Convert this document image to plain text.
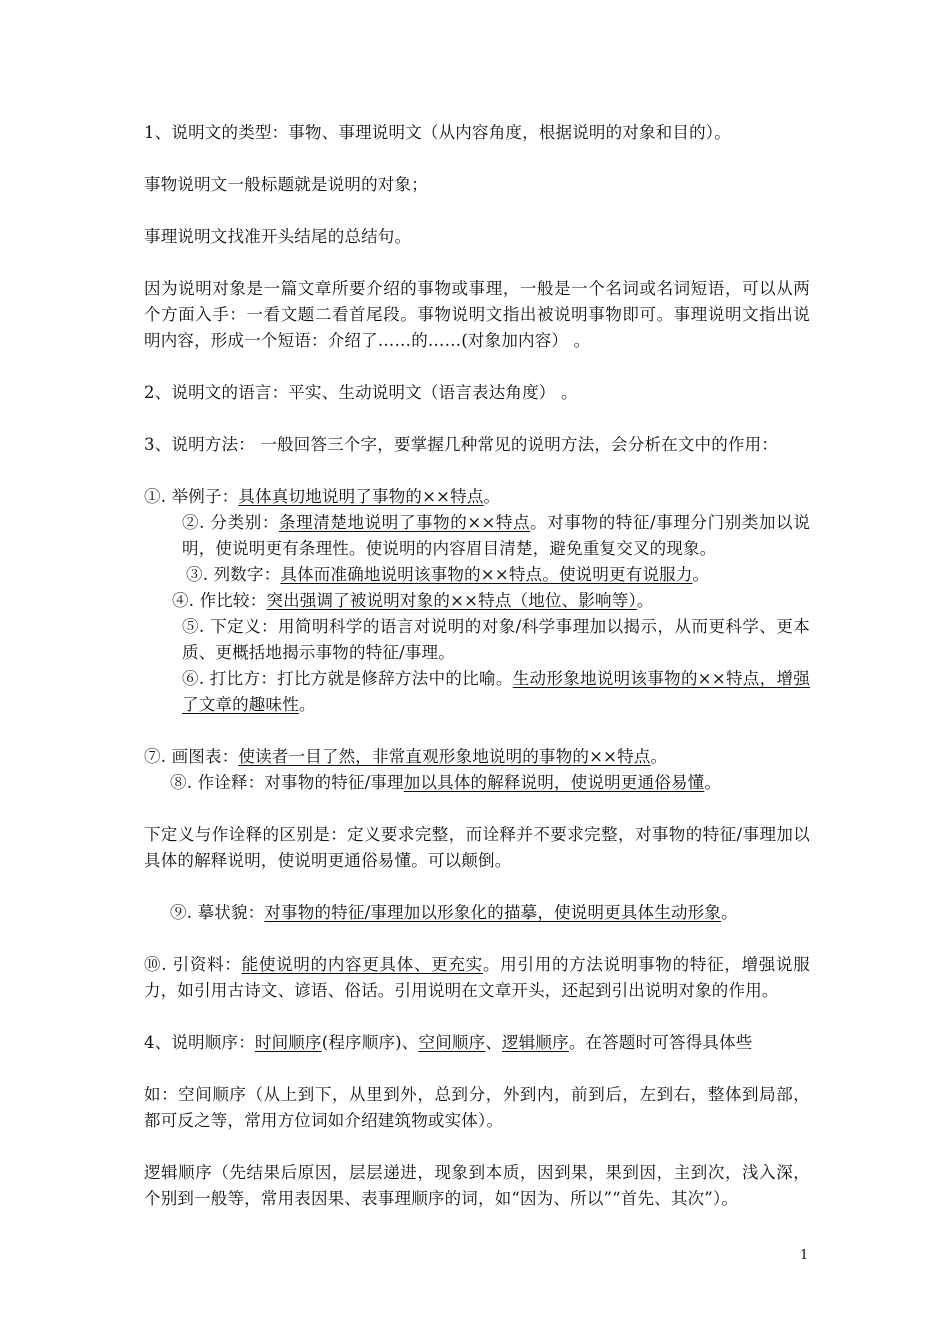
1、说明文的类型：事物、事理说明文（从内容角度，根据说明的对象和目的）。

事物说明文一般标题就是说明的对象；

事理说明文找准开头结尾的总结句。

因为说明对象是一篇文章所要介绍的事物或事理，一般是一个名词或名词短语，可以从两个方面入手：一看文题二看首尾段。事物说明文指出被说明事物即可。事理说明文指出说明内容，形成一个短语：介绍了……的……(对象加内容） 。

2、说明文的语言：平实、生动说明文（语言表达角度） 。

3、说明方法： 一般回答三个字，要掌握几种常见的说明方法，会分析在文中的作用：

①. 举例子：具体真切地说明了事物的××特点。

②. 分类别：条理清楚地说明了事物的××特点。对事物的特征/事理分门别类加以说明，使说明更有条理性。使说明的内容眉目清楚，避免重复交叉的现象。

③. 列数字：具体而准确地说明该事物的××特点。使说明更有说服力。

④. 作比较：突出强调了被说明对象的××特点（地位、影响等）。

⑤. 下定义：用简明科学的语言对说明的对象/科学事理加以揭示，从而更科学、更本质、更概括地揭示事物的特征/事理。

⑥. 打比方：打比方就是修辞方法中的比喻。生动形象地说明该事物的××特点，增强了文章的趣味性。

⑦. 画图表：使读者一目了然，非常直观形象地说明的事物的××特点。

⑧. 作诠释：对事物的特征/事理加以具体的解释说明，使说明更通俗易懂。

下定义与作诠释的区别是：定义要求完整，而诠释并不要求完整，对事物的特征/事理加以具体的解释说明，使说明更通俗易懂。可以颠倒。

⑨. 摹状貌：对事物的特征/事理加以形象化的描摹，使说明更具体生动形象。

⑩. 引资料：能使说明的内容更具体、更充实。用引用的方法说明事物的特征，增强说服力，如引用古诗文、谚语、俗话。引用说明在文章开头，还起到引出说明对象的作用。

4、说明顺序：时间顺序(程序顺序)、空间顺序、逻辑顺序。在答题时可答得具体些

如：空间顺序（从上到下，从里到外，总到分，外到内，前到后，左到右，整体到局部，都可反之等，常用方位词如介绍建筑物或实体）。

逻辑顺序（先结果后原因，层层递进，现象到本质，因到果，果到因，主到次，浅入深，个别到一般等，常用表因果、表事理顺序的词，如“因为、所以”“首先、其次”）。

1
